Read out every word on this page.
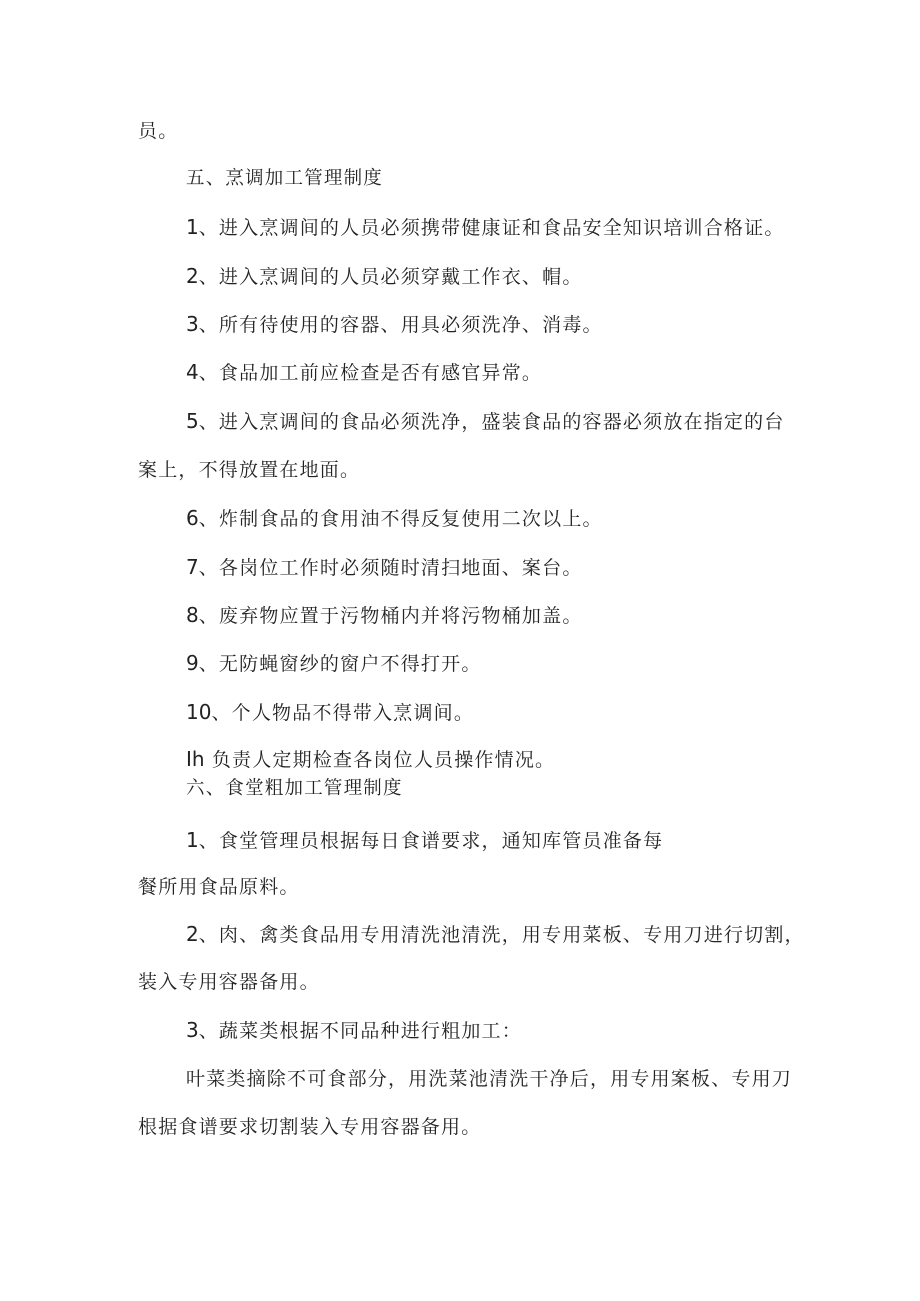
员。
五、烹调加工管理制度
1、进入烹调间的人员必须携带健康证和食品安全知识培训合格证。
2、进入烹调间的人员必须穿戴工作衣、帽。
3、所有待使用的容器、用具必须洗净、消毒。
4、食品加工前应检查是否有感官异常。
5、进入烹调间的食品必须洗净，盛装食品的容器必须放在指定的台
案上，不得放置在地面。
6、炸制食品的食用油不得反复使用二次以上。
7、各岗位工作时必须随时清扫地面、案台。
8、废弃物应置于污物桶内并将污物桶加盖。
9、无防蝇窗纱的窗户不得打开。
10、个人物品不得带入烹调间。
Ih 负责人定期检查各岗位人员操作情况。
六、食堂粗加工管理制度
1、食堂管理员根据每日食谱要求，通知库管员准备每
餐所用食品原料。
2、肉、禽类食品用专用清洗池清洗，用专用菜板、专用刀进行切割，
装入专用容器备用。
3、蔬菜类根据不同品种进行粗加工：
叶菜类摘除不可食部分，用洗菜池清洗干净后，用专用案板、专用刀
根据食谱要求切割装入专用容器备用。
